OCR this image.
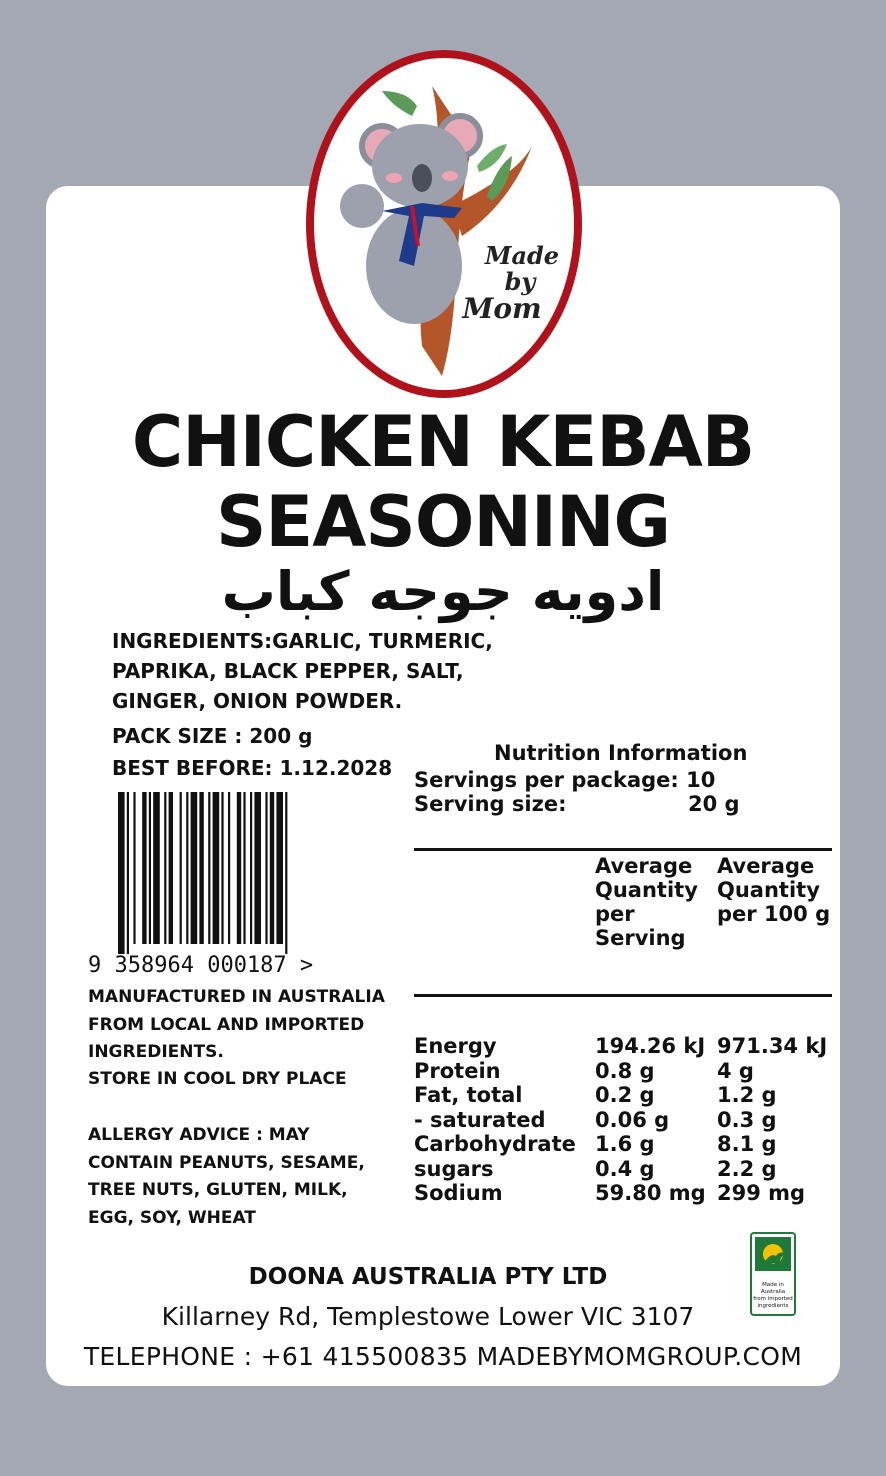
Made
by
Mom
CHICKEN KEBAB
SEASONING
ادویه جوجه کباب
INGREDIENTS:GARLIC, TURMERIC, PAPRIKA, BLACK PEPPER, SALT, GINGER, ONION POWDER.
PACK SIZE : 200 g
BEST BEFORE: 1.12.2028
9 358964 000187 >
MANUFACTURED IN AUSTRALIA FROM LOCAL AND IMPORTED INGREDIENTS.
STORE IN COOL DRY PLACE
ALLERGY ADVICE : MAY CONTAIN PEANUTS, SESAME, TREE NUTS, GLUTEN, MILK, EGG, SOY, WHEAT
Nutrition Information
Servings per package: 10
Serving size:	20 g
Average Quantity per Serving
Average Quantity per 100 g
Energy	194.26 kJ 971.34 kJ
Protein	0.8 g	4 g
Fat, total	0.2 g	1.2 g
- saturated 0.06 g 0.3 g
Carbohydrate 1.6 g	8.1 g
sugars	0.4 g	2.2 g
Sodium	59.80 mg 299 mg
DOONA AUSTRALIA PTY LTD
Killarney Rd, Templestowe Lower VIC 3107
TELEPHONE : +61 415500835 MADEBYMOMGROUP.COM
Made in
Australia
from imported
ingredients
